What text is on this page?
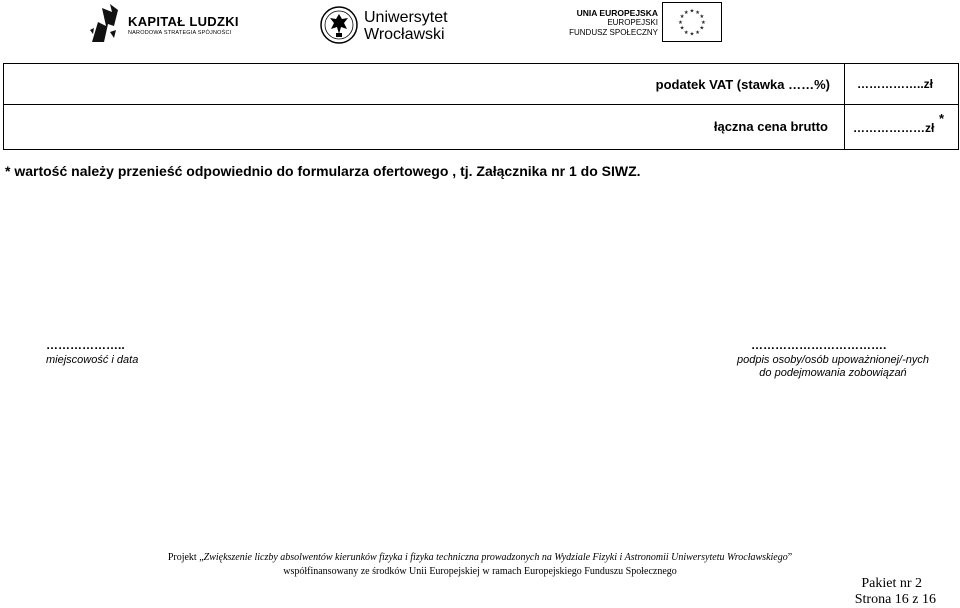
KAPITAŁ LUDZKI
NARODOWA STRATEGIA SPÓJNOŚCI
Uniwersytet
Wrocławski
UNIA EUROPEJSKA
EUROPEJSKI
FUNDUSZ SPOŁECZNY
★ ★
★
★
★
★
★
★
★
★
★
★
podatek VAT (stawka ……%) ……………..zł
łączna cena brutto ………………zł
*
* wartość należy przenieść odpowiednio do formularza ofertowego , tj. Załącznika nr 1 do SIWZ.
………………..
miejscowość i data
…………………………….
podpis osoby/osób upoważnionej/-nych
do podejmowania zobowiązań
Projekt „Zwiększenie liczby absolwentów kierunków fizyka i fizyka techniczna prowadzonych na Wydziale Fizyki i Astronomii Uniwersytetu Wrocławskiego”
współfinansowany ze środków Unii Europejskiej w ramach Europejskiego Funduszu Społecznego
Pakiet nr 2
Strona 16 z 16
